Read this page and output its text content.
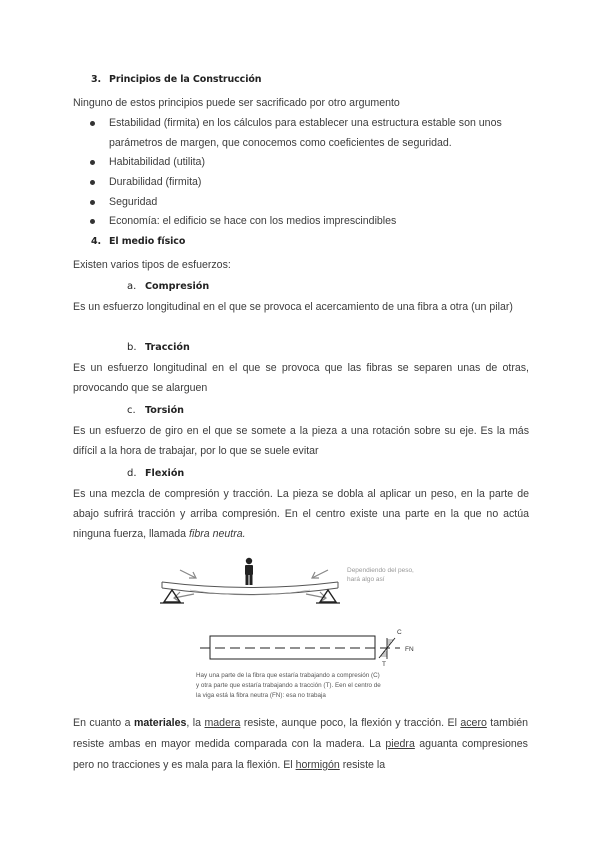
3. Principios de la Construcción
Ninguno de estos principios puede ser sacrificado por otro argumento
Estabilidad (firmita) en los cálculos para establecer una estructura estable son unos parámetros de margen, que conocemos como coeficientes de seguridad.
Habitabilidad (utilita)
Durabilidad (firmita)
Seguridad
Economía: el edificio se hace con los medios imprescindibles
4. El medio físico
Existen varios tipos de esfuerzos:
a. Compresión
Es un esfuerzo longitudinal en el que se provoca el acercamiento de una fibra a otra (un pilar)
b. Tracción
Es un esfuerzo longitudinal en el que se provoca que las fibras se separen unas de otras, provocando que se alarguen
c. Torsión
Es un esfuerzo de giro en el que se somete a la pieza a una rotación sobre su eje. Es la más difícil a la hora de trabajar, por lo que se suele evitar
d. Flexión
Es una mezcla de compresión y tracción. La pieza se dobla al aplicar un peso, en la parte de abajo sufrirá tracción y arriba compresión. En el centro existe una parte en la que no actúa ninguna fuerza, llamada fibra neutra.
Dependiendo del peso,
hará algo así
C
FN
T
Hay una parte de la fibra que estaría trabajando a compresión (C)
y otra parte que estaría trabajando a tracción (T). Een el centro de
la viga está la fibra neutra (FN): esa no trabaja
En cuanto a materiales, la madera resiste, aunque poco, la flexión y tracción. El acero también resiste ambas en mayor medida comparada con la madera. La piedra aguanta compresiones pero no tracciones y es mala para la flexión. El hormigón resiste la
